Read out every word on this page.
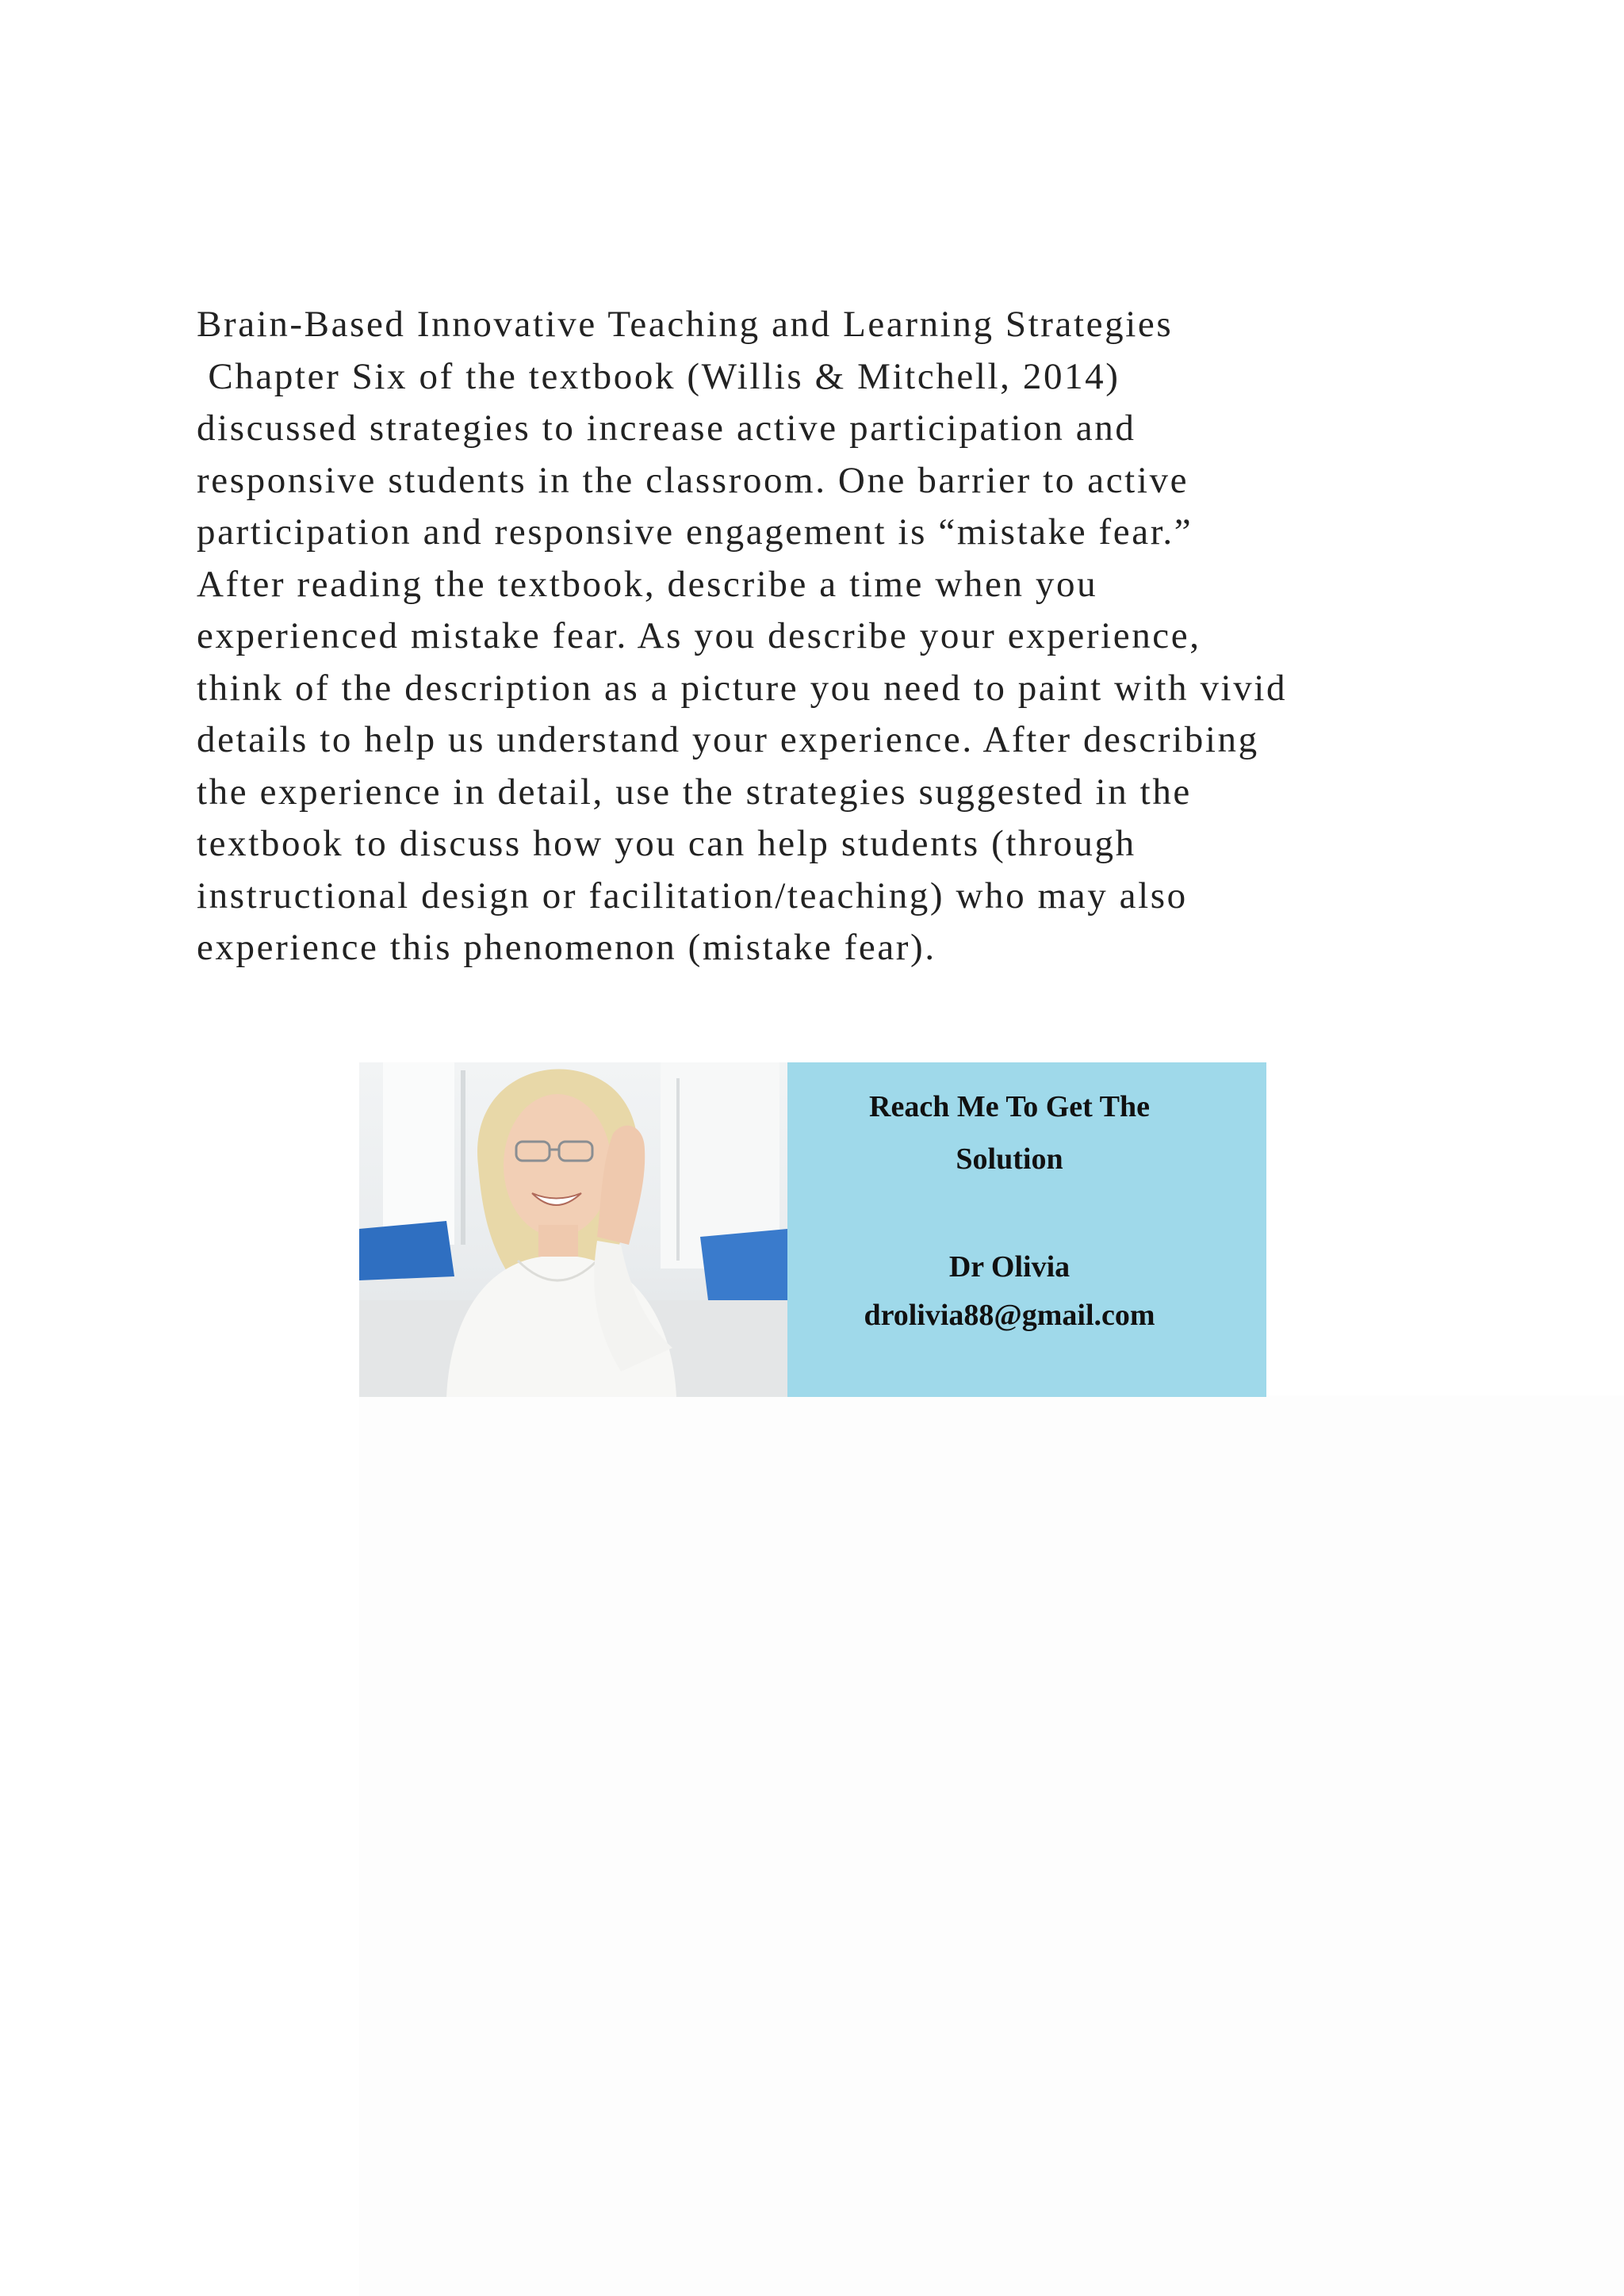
Brain-Based Innovative Teaching and Learning Strategies
Chapter Six of the textbook (Willis & Mitchell, 2014)
discussed strategies to increase active participation and
responsive students in the classroom. One barrier to active
participation and responsive engagement is “mistake fear.”
After reading the textbook, describe a time when you
experienced mistake fear. As you describe your experience,
think of the description as a picture you need to paint with vivid
details to help us understand your experience. After describing
the experience in detail, use the strategies suggested in the
textbook to discuss how you can help students (through
instructional design or facilitation/teaching) who may also
experience this phenomenon (mistake fear).
Reach Me To Get The
Solution
Dr Olivia
drolivia88@gmail.com
